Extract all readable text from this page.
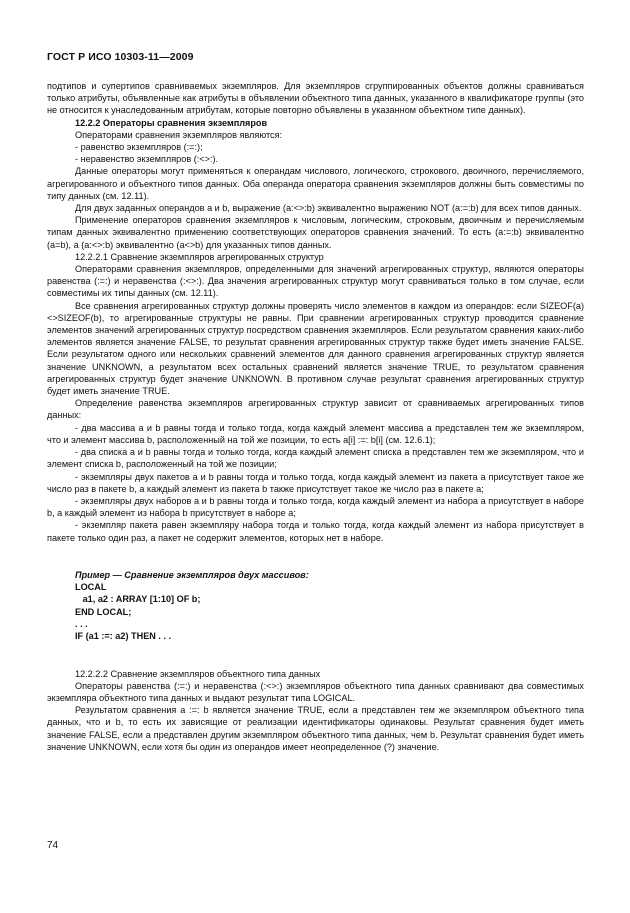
ГОСТ Р ИСО 10303-11—2009

подтипов и супертипов сравниваемых экземпляров. Для экземпляров сгруппированных объектов должны сравниваться только атрибуты, объявленные как атрибуты в объявлении объектного типа данных, указанного в квалификаторе группы (это не относится к унаследованным атрибутам, которые повторно объявлены в указанном объектном типе данных).

12.2.2 Операторы сравнения экземпляров

Операторами сравнения экземпляров являются:

- равенство экземпляров (:=:);

- неравенство экземпляров (:<>:).

Данные операторы могут применяться к операндам числового, логического, строкового, двоичного, перечисляемого, агрегированного и объектного типов данных. Оба операнда оператора сравнения экземпляров должны быть совместимы по типу данных (см. 12.11).

Для двух заданных операндов a и b, выражение (a:<>:b) эквивалентно выражению NOT (a:=:b) для всех типов данных.

Применение операторов сравнения экземпляров к числовым, логическим, строковым, двоичным и перечисляемым типам данных эквивалентно применению соответствующих операторов сравнения значений. То есть (a:=:b) эквивалентно (a=b), а (a:<>:b) эквивалентно (a<>b) для указанных типов данных.

12.2.2.1 Сравнение экземпляров агрегированных структур

Операторами сравнения экземпляров, определенными для значений агрегированных структур, являются операторы равенства (:=:) и неравенства (:<>:). Два значения агрегированных структур могут сравниваться только в том случае, если совместимы их типы данных (см. 12.11).

Все сравнения агрегированных структур должны проверять число элементов в каждом из операндов: если SIZEOF(a)<>SIZEOF(b), то агрегированные структуры не равны. При сравнении агрегированных структур проводится сравнение элементов значений агрегированных структур посредством сравнения экземпляров. Если результатом сравнения каких-либо элементов является значение FALSE, то результат сравнения агрегированных структур также будет иметь значение FALSE. Если результатом одного или нескольких сравнений элементов для данного сравнения агрегированных структур является значение UNKNOWN, а результатом всех остальных сравнений является значение TRUE, то результатом сравнения агрегированных структур будет значение UNKNOWN. В противном случае результат сравнения агрегированных структур будет иметь значение TRUE.

Определение равенства экземпляров агрегированных структур зависит от сравниваемых агрегированных типов данных:

- два массива a и b равны тогда и только тогда, когда каждый элемент массива a представлен тем же экземпляром, что и элемент массива b, расположенный на той же позиции, то есть a[i] :=: b[i] (см. 12.6.1);

- два списка a и b равны тогда и только тогда, когда каждый элемент списка a представлен тем же экземпляром, что и элемент списка b, расположенный на той же позиции;

- экземпляры двух пакетов a и b равны тогда и только тогда, когда каждый элемент из пакета a присутствует такое же число раз в пакете b, а каждый элемент из пакета b также присутствует такое же число раз в пакете a;

- экземпляры двух наборов a и b равны тогда и только тогда, когда каждый элемент из набора a присутствует в наборе b, а каждый элемент из набора b присутствует в наборе a;

- экземпляр пакета равен экземпляру набора тогда и только тогда, когда каждый элемент из набора присутствует в пакете только один раз, а пакет не содержит элементов, которых нет в наборе.

Пример — Сравнение экземпляров двух массивов:

LOCAL

a1, a2 : ARRAY [1:10] OF b;

END LOCAL;

. . .

IF (a1 :=: a2) THEN . . .

12.2.2.2 Сравнение экземпляров объектного типа данных

Операторы равенства (:=:) и неравенства (:<>:) экземпляров объектного типа данных сравнивают два совместимых экземпляра объектного типа данных и выдают результат типа LOGICAL.

Результатом сравнения a :=: b является значение TRUE, если a представлен тем же экземпляром объектного типа данных, что и b, то есть их зависящие от реализации идентификаторы одинаковы. Результат сравнения будет иметь значение FALSE, если a представлен другим экземпляром объектного типа данных, чем b. Результат сравнения будет иметь значение UNKNOWN, если хотя бы один из операндов имеет неопределенное (?) значение.

74
